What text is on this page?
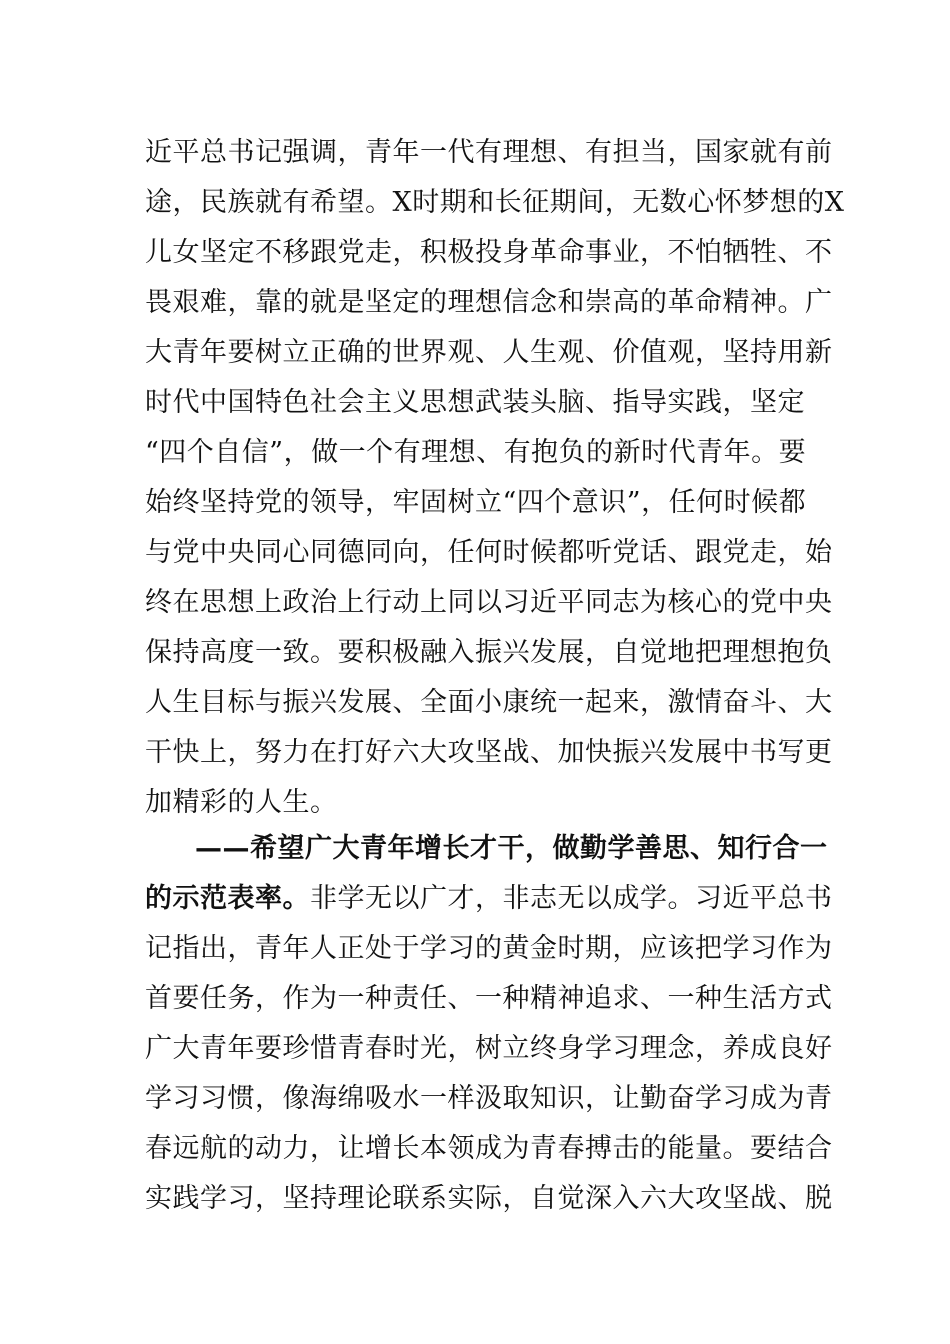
近平总书记强调，青年一代有理想、有担当，国家就有前
途，民族就有希望。X时期和长征期间，无数心怀梦想的X
儿女坚定不移跟党走，积极投身革命事业，不怕牺牲、不
畏艰难，靠的就是坚定的理想信念和崇高的革命精神。广
大青年要树立正确的世界观、人生观、价值观，坚持用新
时代中国特色社会主义思想武装头脑、指导实践，坚定
“四个自信”，做一个有理想、有抱负的新时代青年。要
始终坚持党的领导，牢固树立“四个意识”，任何时候都
与党中央同心同德同向，任何时候都听党话、跟党走，始
终在思想上政治上行动上同以习近平同志为核心的党中央
保持高度一致。要积极融入振兴发展，自觉地把理想抱负
人生目标与振兴发展、全面小康统一起来，激情奋斗、大
干快上，努力在打好六大攻坚战、加快振兴发展中书写更
加精彩的人生。
——希望广大青年增长才干，做勤学善思、知行合一
的示范表率。非学无以广才，非志无以成学。习近平总书
记指出，青年人正处于学习的黄金时期，应该把学习作为
首要任务，作为一种责任、一种精神追求、一种生活方式
广大青年要珍惜青春时光，树立终身学习理念，养成良好
学习习惯，像海绵吸水一样汲取知识，让勤奋学习成为青
春远航的动力，让增长本领成为青春搏击的能量。要结合
实践学习，坚持理论联系实际，自觉深入六大攻坚战、脱
